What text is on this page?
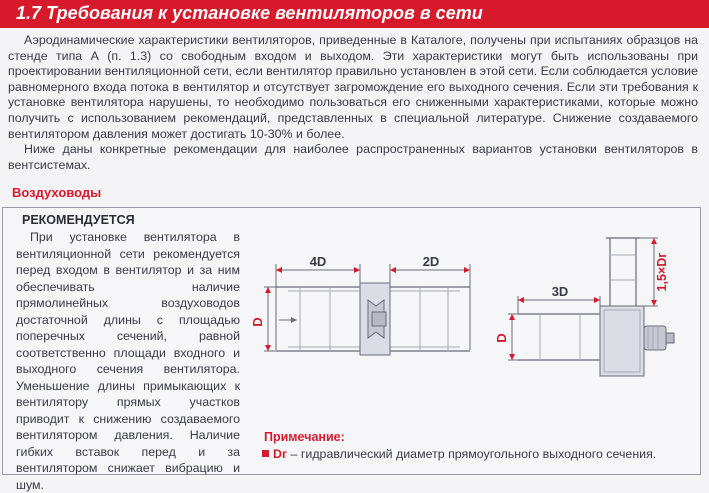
1.7 Требования к установке вентиляторов в сети

Аэродинамические характеристики вентиляторов, приведенные в Каталоге, получены при испытаниях образцов на стенде типа А (п. 1.3) со свободным входом и выходом. Эти характеристики могут быть использованы при проектировании вентиляционной сети, если вентилятор правильно установлен в этой сети. Если соблюдается условие равномерного входа потока в вентилятор и отсутствует загромождение его выходного сечения. Если эти требования к установке вентилятора нарушены, то необходимо пользоваться его сниженными характеристиками, которые можно получить с использованием рекомендаций, представленных в специальной литературе. Снижение создаваемого вентилятором давления может достигать 10-30% и более.

Ниже даны конкретные рекомендации для наиболее распространенных вариантов установки вентиляторов в вентсистемах.

Воздуховоды
РЕКОМЕНДУЕТСЯ

При установке вентилятора в вентиляционной сети рекомендуется перед входом в вентилятор и за ним обеспечивать наличие прямолинейных воздуховодов достаточной длины с площадью поперечных сечений, равной соответственно площади входного и выходного сечения вентилятора. Уменьшение длины примыкающих к вентилятору прямых участков приводит к снижению создаваемого вентилятором давления. Наличие гибких вставок перед и за вентилятором снижает вибрацию и шум.

4D	2D
D
3D
D
1,5×Dг
Примечание:
Dг – гидравлический диаметр прямоугольного выходного сечения.
